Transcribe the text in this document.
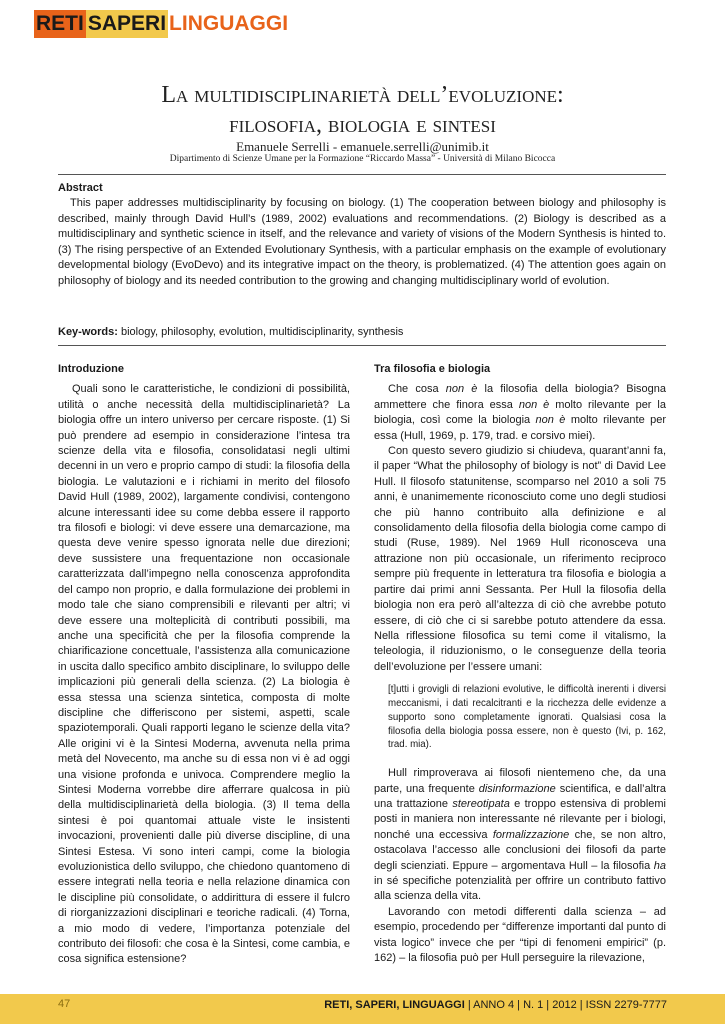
RETI SAPERI LINGUAGGI
La multidisciplinarietà dell’evoluzione:
filosofia, biologia e sintesi
Emanuele Serrelli - emanuele.serrelli@unimib.it
Dipartimento di Scienze Umane per la Formazione “Riccardo Massa” - Università di Milano Bicocca
Abstract

This paper addresses multidisciplinarity by focusing on biology. (1) The cooperation between biology and philosophy is described, mainly through David Hull’s (1989, 2002) evaluations and recommendations. (2) Biology is described as a multidisciplinary and synthetic science in itself, and the relevance and variety of visions of the Modern Synthesis is hinted to. (3) The rising perspective of an Extended Evolutionary Synthesis, with a particular emphasis on the example of evolutionary developmental biology (EvoDevo) and its integrative impact on the theory, is problematized. (4) The attention goes again on philosophy of biology and its needed contribution to the growing and changing multidisciplinary world of evolution.

Key-words: biology, philosophy, evolution, multidisciplinarity, synthesis
Introduzione

Quali sono le caratteristiche, le condizioni di possibilità, utilità o anche necessità della multidisciplinarietà? La biologia offre un intero universo per cercare risposte. (1) Si può prendere ad esempio in considerazione l’intesa tra scienze della vita e filosofia, consolidatasi negli ultimi decenni in un vero e proprio campo di studi: la filosofia della biologia. Le valutazioni e i richiami in merito del filosofo David Hull (1989, 2002), largamente condivisi, contengono alcune interessanti idee su come debba essere il rapporto tra filosofi e biologi: vi deve essere una demarcazione, ma questa deve venire spesso ignorata nelle due direzioni; deve sussistere una frequentazione non occasionale caratterizzata dall’impegno nella conoscenza approfondita del campo non proprio, e dalla formulazione dei problemi in modo tale che siano comprensibili e rilevanti per altri; vi deve essere una molteplicità di contributi possibili, ma anche una specificità che per la filosofia comprende la chiarificazione concettuale, l’assistenza alla comunicazione in uscita dallo specifico ambito disciplinare, lo sviluppo delle implicazioni più generali della scienza. (2) La biologia è essa stessa una scienza sintetica, composta di molte discipline che differiscono per sistemi, aspetti, scale spaziotemporali. Quali rapporti legano le scienze della vita? Alle origini vi è la Sintesi Moderna, avvenuta nella prima metà del Novecento, ma anche su di essa non vi è ad oggi una visione profonda e univoca. Comprendere meglio la Sintesi Moderna vorrebbe dire afferrare qualcosa in più della multidisciplinarietà della biologia. (3) Il tema della sintesi è poi quantomai attuale viste le insistenti invocazioni, provenienti dalle più diverse discipline, di una Sintesi Estesa. Vi sono interi campi, come la biologia evoluzionistica dello sviluppo, che chiedono quantomeno di essere integrati nella teoria e nella relazione dinamica con le discipline più consolidate, o addirittura di essere il fulcro di riorganizzazioni disciplinari e teoriche radicali. (4) Torna, a mio modo di vedere, l’importanza potenziale del contributo dei filosofi: che cosa è la Sintesi, come cambia, e cosa significa estensione?

Tra filosofia e biologia

Che cosa non è la filosofia della biologia? Bisogna ammettere che finora essa non è molto rilevante per la biologia, così come la biologia non è molto rilevante per essa (Hull, 1969, p. 179, trad. e corsivo miei).

Con questo severo giudizio si chiudeva, quarant’anni fa, il paper “What the philosophy of biology is not” di David Lee Hull. Il filosofo statunitense, scomparso nel 2010 a soli 75 anni, è unanimemente riconosciuto come uno degli studiosi che più hanno contribuito alla definizione e al consolidamento della filosofia della biologia come campo di studi (Ruse, 1989). Nel 1969 Hull riconosceva una attrazione non più occasionale, un riferimento reciproco sempre più frequente in letteratura tra filosofia e biologia a partire dai primi anni Sessanta. Per Hull la filosofia della biologia non era però all’altezza di ciò che avrebbe potuto essere, di ciò che ci si sarebbe potuto attendere da essa. Nella riflessione filosofica su temi come il vitalismo, la teleologia, il riduzionismo, o le conseguenze della teoria dell’evoluzione per l’essere umani:

[t]utti i grovigli di relazioni evolutive, le difficoltà inerenti i diversi meccanismi, i dati recalcitranti e la ricchezza delle evidenze a supporto sono completamente ignorati. Qualsiasi cosa la filosofia della biologia possa essere, non è questo (Ivi, p. 162, trad. mia).

Hull rimproverava ai filosofi nientemeno che, da una parte, una frequente disinformazione scientifica, e dall’altra una trattazione stereotipata e troppo estensiva di problemi posti in maniera non interessante né rilevante per i biologi, nonché una eccessiva formalizzazione che, se non altro, ostacolava l’accesso alle conclusioni dei filosofi da parte degli scienziati. Eppure – argomentava Hull – la filosofia ha in sé specifiche potenzialità per offrire un contributo fattivo alla scienza della vita.

Lavorando con metodi differenti dalla scienza – ad esempio, procedendo per “differenze importanti dal punto di vista logico” invece che per “tipi di fenomeni empirici” (p. 162) – la filosofia può per Hull perseguire la rilevazione,

47	RETI, SAPERI, LINGUAGGI | ANNO 4 | N. 1 | 2012 | ISSN 2279-7777
